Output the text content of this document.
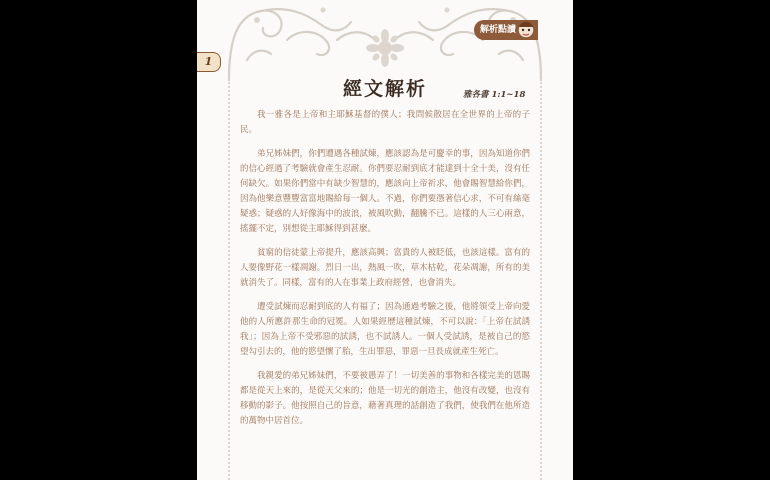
1
解析點讀
經文解析	雅各書 1:1~18

我一雅各是上帝和主耶穌基督的僕人；我問候散居在全世界的上帝的子民。

弟兄姊妹們，你們遭遇各種試煉，應該認為是可慶幸的事，因為知道你們的信心經過了考驗就會產生忍耐。你們要忍耐到底才能達到十全十美，沒有任何缺欠。如果你們當中有缺少智慧的，應該向上帝祈求，他會賜智慧給你們，因為他樂意豐豐富富地賜給每一個人。不過，你們要憑著信心求，不可有絲毫疑惑；疑惑的人好像海中的波浪，被風吹動，翻騰不已。這樣的人三心兩意，搖擺不定，別想從主耶穌得到甚麼。

貧窮的信徒蒙上帝提升，應該高興；富貴的人被眨低，也該這樣。富有的人要像野花一樣凋謝。烈日一出，熱風一吹，草木枯乾，花朵凋謝，所有的美就消失了。同樣，富有的人在事業上政府經營，也會消失。

遭受試煉而忍耐到底的人有福了；因為通過考驗之後，他將領受上帝向愛他的人所應許那生命的冠冕。人如果經歷這種試煉，不可以說：「上帝在試誘我」；因為上帝不受邪惡的試誘，也不試誘人。一個人受試誘，是被自己的慾望勾引去的，他的慾望懷了胎，生出罪惡，罪惡一旦長成就產生死亡。

我親愛的弟兄姊妹們，不要被愚弄了！一切美善的事物和各樣完美的恩賜都是從天上來的，是從天父來的；他是一切光的創造主，他沒有改變，也沒有移動的影子。他按照自己的旨意，藉著真理的話創造了我們，使我們在他所造的萬物中居首位。
